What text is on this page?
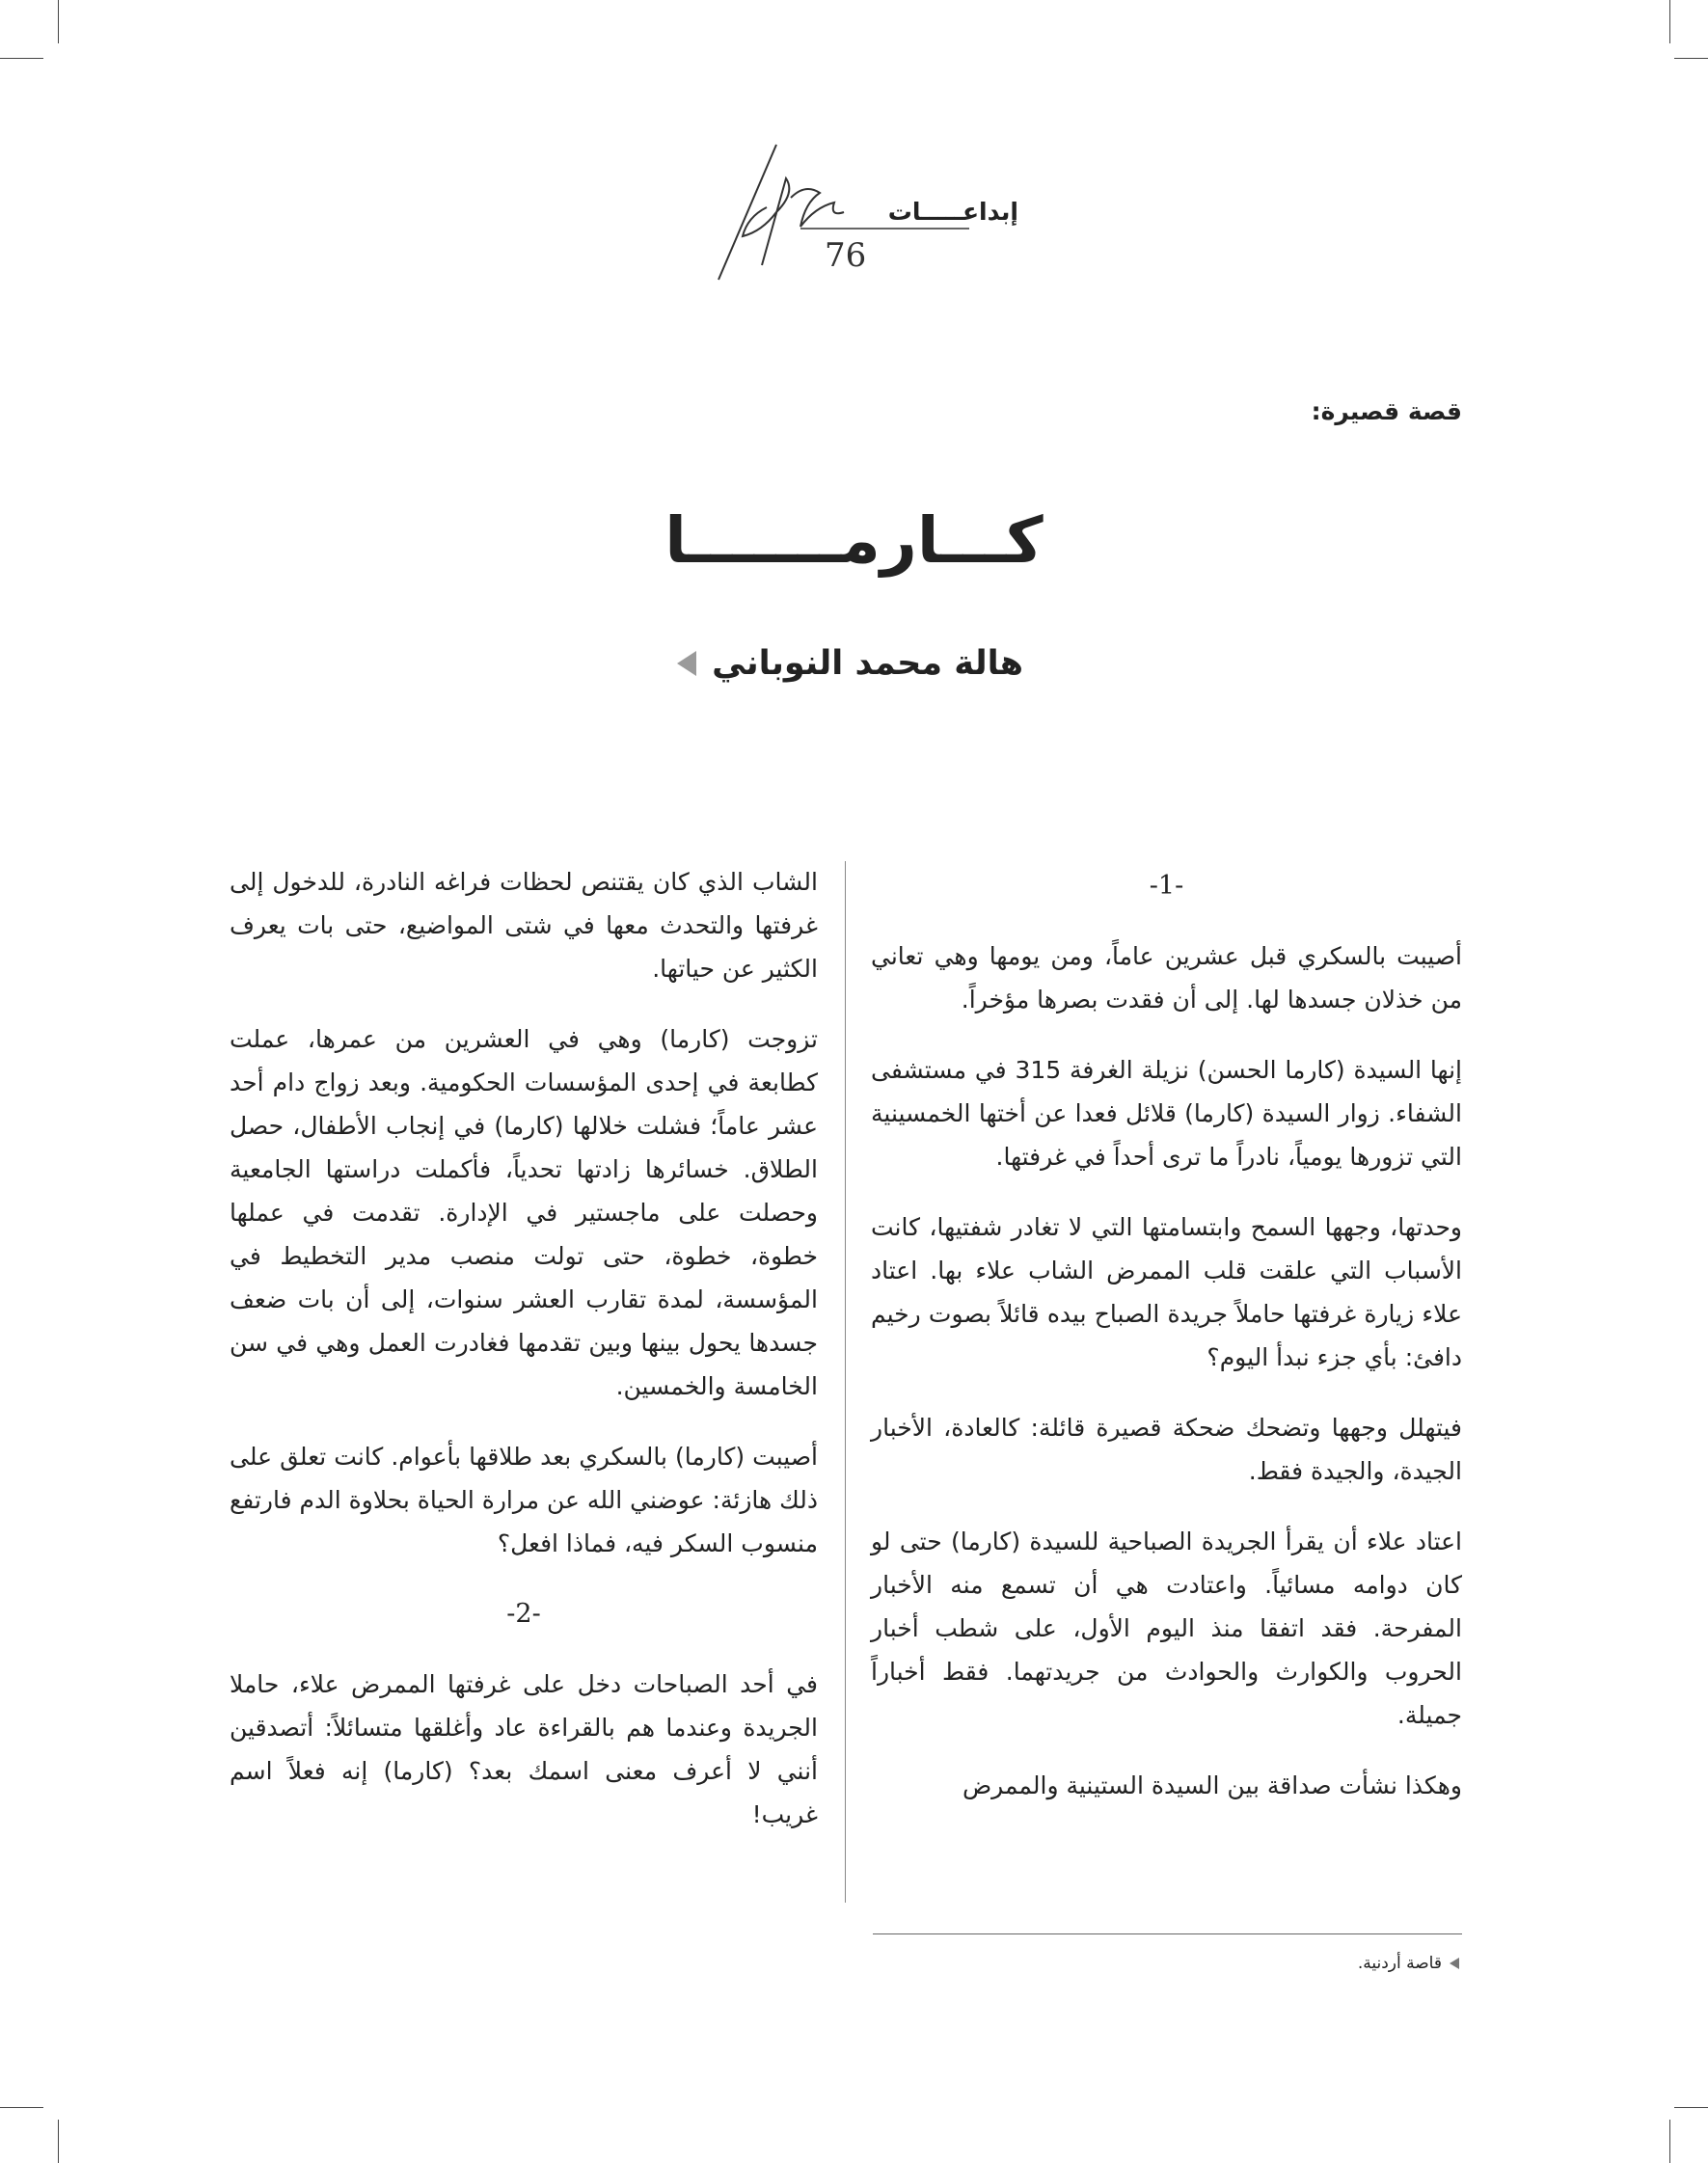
إبداعـــــات
76
قصة قصيرة:
كـــارمـــــــا
هالة محمد النوباني
-1-

أصيبت بالسكري قبل عشرين عاماً، ومن يومها وهي تعاني من خذلان جسدها لها. إلى أن فقدت بصرها مؤخراً.

إنها السيدة (كارما الحسن) نزيلة الغرفة 315 في مستشفى الشفاء. زوار السيدة (كارما) قلائل فعدا عن أختها الخمسينية التي تزورها يومياً، نادراً ما ترى أحداً في غرفتها.

وحدتها، وجهها السمح وابتسامتها التي لا تغادر شفتيها، كانت الأسباب التي علقت قلب الممرض الشاب علاء بها. اعتاد علاء زيارة غرفتها حاملاً جريدة الصباح بيده قائلاً بصوت رخيم دافئ: بأي جزء نبدأ اليوم؟

فيتهلل وجهها وتضحك ضحكة قصيرة قائلة: كالعادة، الأخبار الجيدة، والجيدة فقط.

اعتاد علاء أن يقرأ الجريدة الصباحية للسيدة (كارما) حتى لو كان دوامه مسائياً. واعتادت هي أن تسمع منه الأخبار المفرحة. فقد اتفقا منذ اليوم الأول، على شطب أخبار الحروب والكوارث والحوادث من جريدتهما. فقط أخباراً جميلة.

وهكذا نشأت صداقة بين السيدة الستينية والممرض

الشاب الذي كان يقتنص لحظات فراغه النادرة، للدخول إلى غرفتها والتحدث معها في شتى المواضيع، حتى بات يعرف الكثير عن حياتها.

تزوجت (كارما) وهي في العشرين من عمرها، عملت كطابعة في إحدى المؤسسات الحكومية. وبعد زواج دام أحد عشر عاماً؛ فشلت خلالها (كارما) في إنجاب الأطفال، حصل الطلاق. خسائرها زادتها تحدياً، فأكملت دراستها الجامعية وحصلت على ماجستير في الإدارة. تقدمت في عملها خطوة، خطوة، حتى تولت منصب مدير التخطيط في المؤسسة، لمدة تقارب العشر سنوات، إلى أن بات ضعف جسدها يحول بينها وبين تقدمها فغادرت العمل وهي في سن الخامسة والخمسين.

أصيبت (كارما) بالسكري بعد طلاقها بأعوام. كانت تعلق على ذلك هازئة: عوضني الله عن مرارة الحياة بحلاوة الدم فارتفع منسوب السكر فيه، فماذا افعل؟

-2-

في أحد الصباحات دخل على غرفتها الممرض علاء، حاملا الجريدة وعندما هم بالقراءة عاد وأغلقها متسائلاً: أتصدقين أنني لا أعرف معنى اسمك بعد؟ (كارما) إنه فعلاً اسم غريب!

قاصة أردنية.
